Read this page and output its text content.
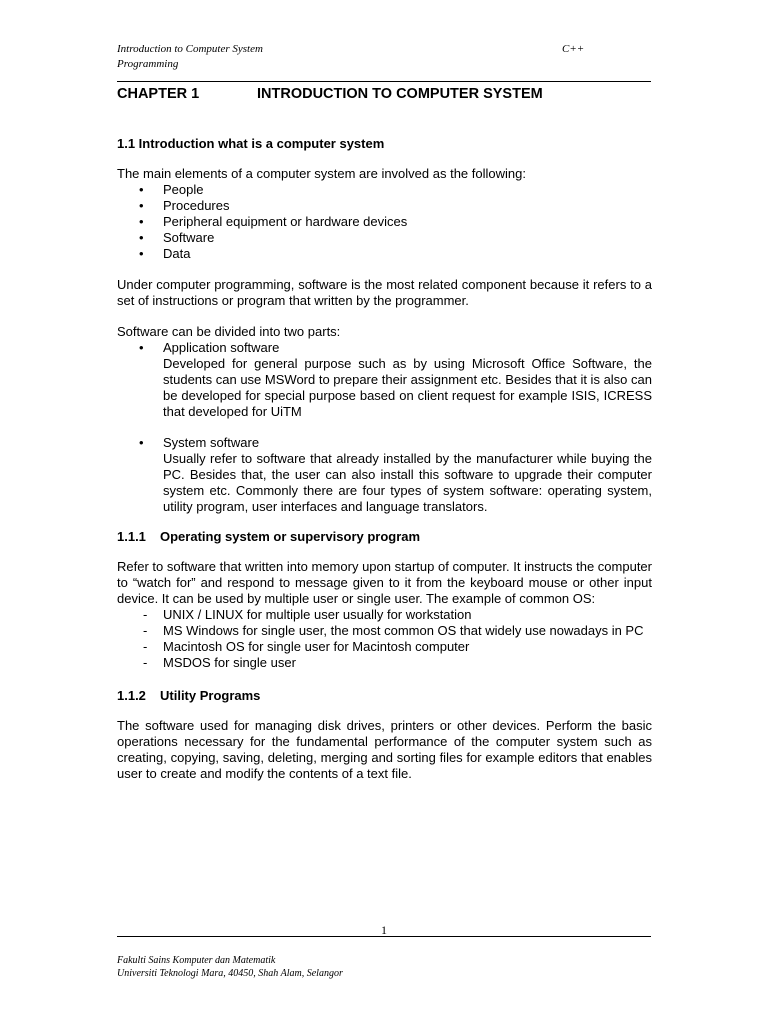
Introduction to Computer System
Programming
C++
CHAPTER 1	INTRODUCTION TO COMPUTER SYSTEM
1.1 Introduction what is a computer system

The main elements of a computer system are involved as the following:

• People
• Procedures
• Peripheral equipment or hardware devices
• Software
• Data

Under computer programming, software is the most related component because it refers to a set of instructions or program that written by the programmer.

Software can be divided into two parts:

• Application software

Developed for general purpose such as by using Microsoft Office Software, the students can use MSWord to prepare their assignment etc. Besides that it is also can be developed for special purpose based on client request for example ISIS, ICRESS that developed for UiTM

• System software

Usually refer to software that already installed by the manufacturer while buying the PC. Besides that, the user can also install this software to upgrade their computer system etc. Commonly there are four types of system software: operating system, utility program, user interfaces and language translators.

1.1.1 Operating system or supervisory program

Refer to software that written into memory upon startup of computer. It instructs the computer to “watch for” and respond to message given to it from the keyboard mouse or other input device. It can be used by multiple user or single user. The example of common OS:

- UNIX / LINUX for multiple user usually for workstation
- MS Windows for single user, the most common OS that widely use nowadays in PC
- Macintosh OS for single user for Macintosh computer
- MSDOS for single user
1.1.2 Utility Programs

The software used for managing disk drives, printers or other devices. Perform the basic operations necessary for the fundamental performance of the computer system such as creating, copying, saving, deleting, merging and sorting files for example editors that enables user to create and modify the contents of a text file.

1
Fakulti Sains Komputer dan Matematik
Universiti Teknologi Mara, 40450, Shah Alam, Selangor
